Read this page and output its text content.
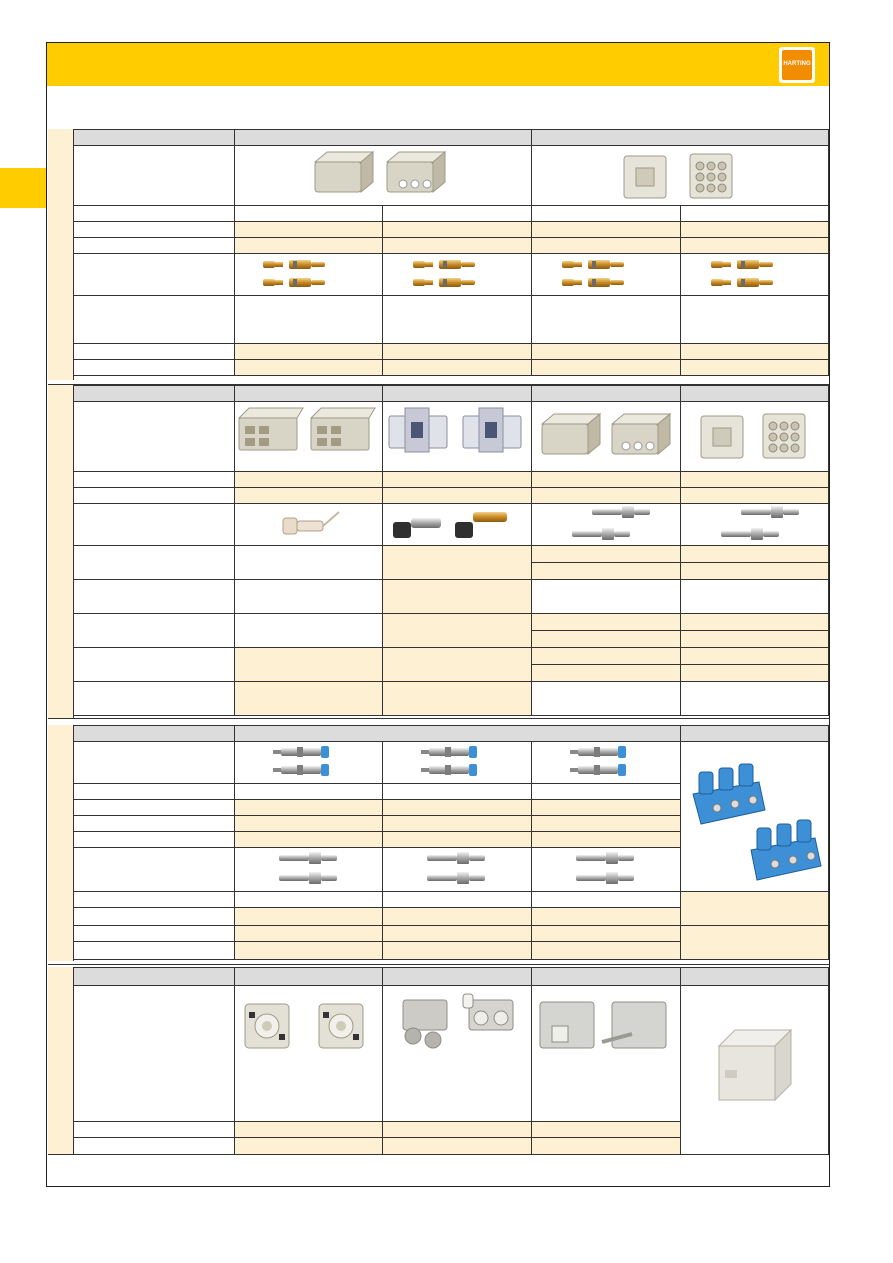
HARTING
